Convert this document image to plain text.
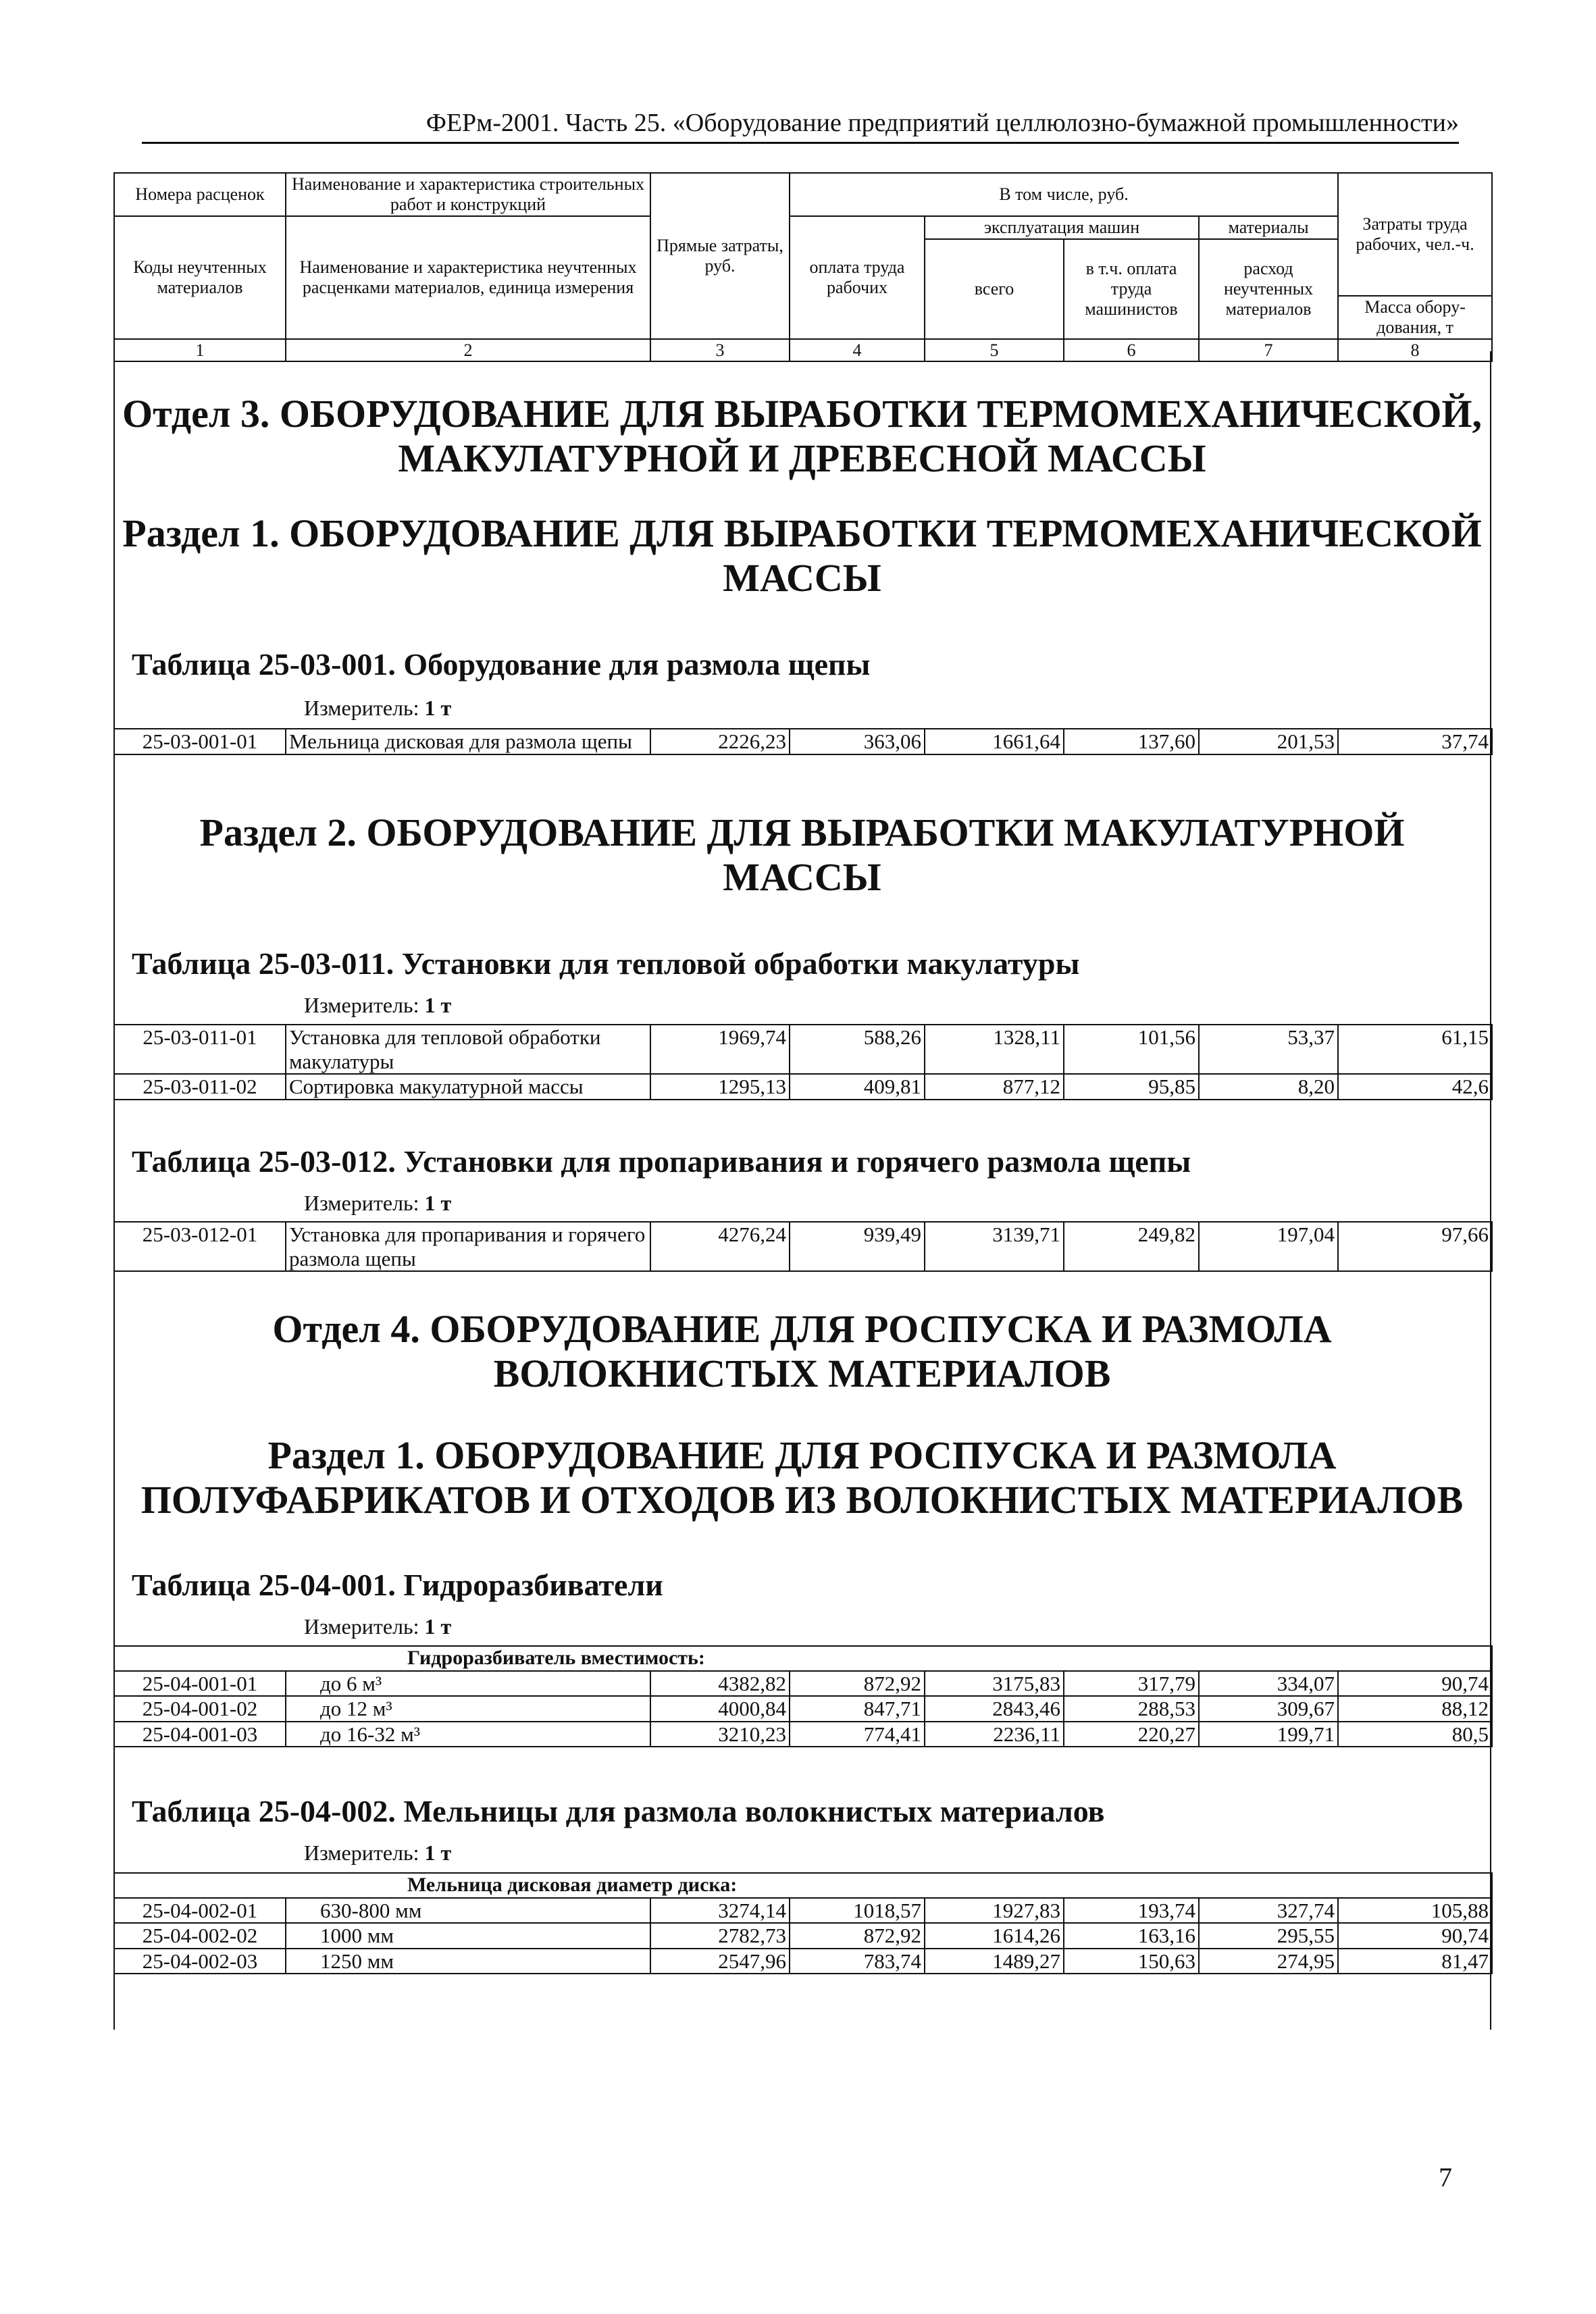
ФЕРм-2001. Часть 25. «Оборудование предприятий целлюлозно-бумажной промышленности»
Номера расценок	Наименование и характеристика строительных работ и конструкций	Прямые затраты, руб.	В том числе, руб.				Затраты труда рабочих, чел.-ч.
Коды неучтенных материалов	Наименование и характеристика неучтенных расценками материалов, единица измерения		оплата труда рабочих	эксплуатация машин		материалы	
				всего	в т.ч. оплата труда машинистов	расход неучтенных материалов	
							Масса обору-дования, т
1	2	3	4	5	6	7	8
Отдел 3. ОБОРУДОВАНИЕ ДЛЯ ВЫРАБОТКИ ТЕРМОМЕХАНИЧЕСКОЙ, МАКУЛАТУРНОЙ И ДРЕВЕСНОЙ МАССЫ
Раздел 1. ОБОРУДОВАНИЕ ДЛЯ ВЫРАБОТКИ ТЕРМОМЕХАНИЧЕСКОЙ МАССЫ
Таблица 25-03-001. Оборудование для размола щепы
Измеритель: 1 т
25-03-001-01	Мельница дисковая для размола щепы	2226,23	363,06	1661,64	137,60	201,53	37,74
Раздел 2. ОБОРУДОВАНИЕ ДЛЯ ВЫРАБОТКИ МАКУЛАТУРНОЙ МАССЫ
Таблица 25-03-011. Установки для тепловой обработки макулатуры
Измеритель: 1 т
25-03-011-01	Установка для тепловой обработки макулатуры	1969,74	588,26	1328,11	101,56	53,37	61,15
25-03-011-02	Сортировка макулатурной массы	1295,13	409,81	877,12	95,85	8,20	42,6
Таблица 25-03-012. Установки для пропаривания и горячего размола щепы
Измеритель: 1 т
25-03-012-01	Установка для пропаривания и горячего размола щепы	4276,24	939,49	3139,71	249,82	197,04	97,66
Отдел 4. ОБОРУДОВАНИЕ ДЛЯ РОСПУСКА И РАЗМОЛА ВОЛОКНИСТЫХ МАТЕРИАЛОВ
Раздел 1. ОБОРУДОВАНИЕ ДЛЯ РОСПУСКА И РАЗМОЛА ПОЛУФАБРИКАТОВ И ОТХОДОВ ИЗ ВОЛОКНИСТЫХ МАТЕРИАЛОВ
Таблица 25-04-001. Гидроразбиватели
Измеритель: 1 т
	Гидроразбиватель вместимость:						
25-04-001-01	до 6 м³	4382,82	872,92	3175,83	317,79	334,07	90,74
25-04-001-02	до 12 м³	4000,84	847,71	2843,46	288,53	309,67	88,12
25-04-001-03	до 16-32 м³	3210,23	774,41	2236,11	220,27	199,71	80,5
Таблица 25-04-002. Мельницы для размола волокнистых материалов
Измеритель: 1 т
	Мельница дисковая диаметр диска:						
25-04-002-01	630-800 мм	3274,14	1018,57	1927,83	193,74	327,74	105,88
25-04-002-02	1000 мм	2782,73	872,92	1614,26	163,16	295,55	90,74
25-04-002-03	1250 мм	2547,96	783,74	1489,27	150,63	274,95	81,47
7
